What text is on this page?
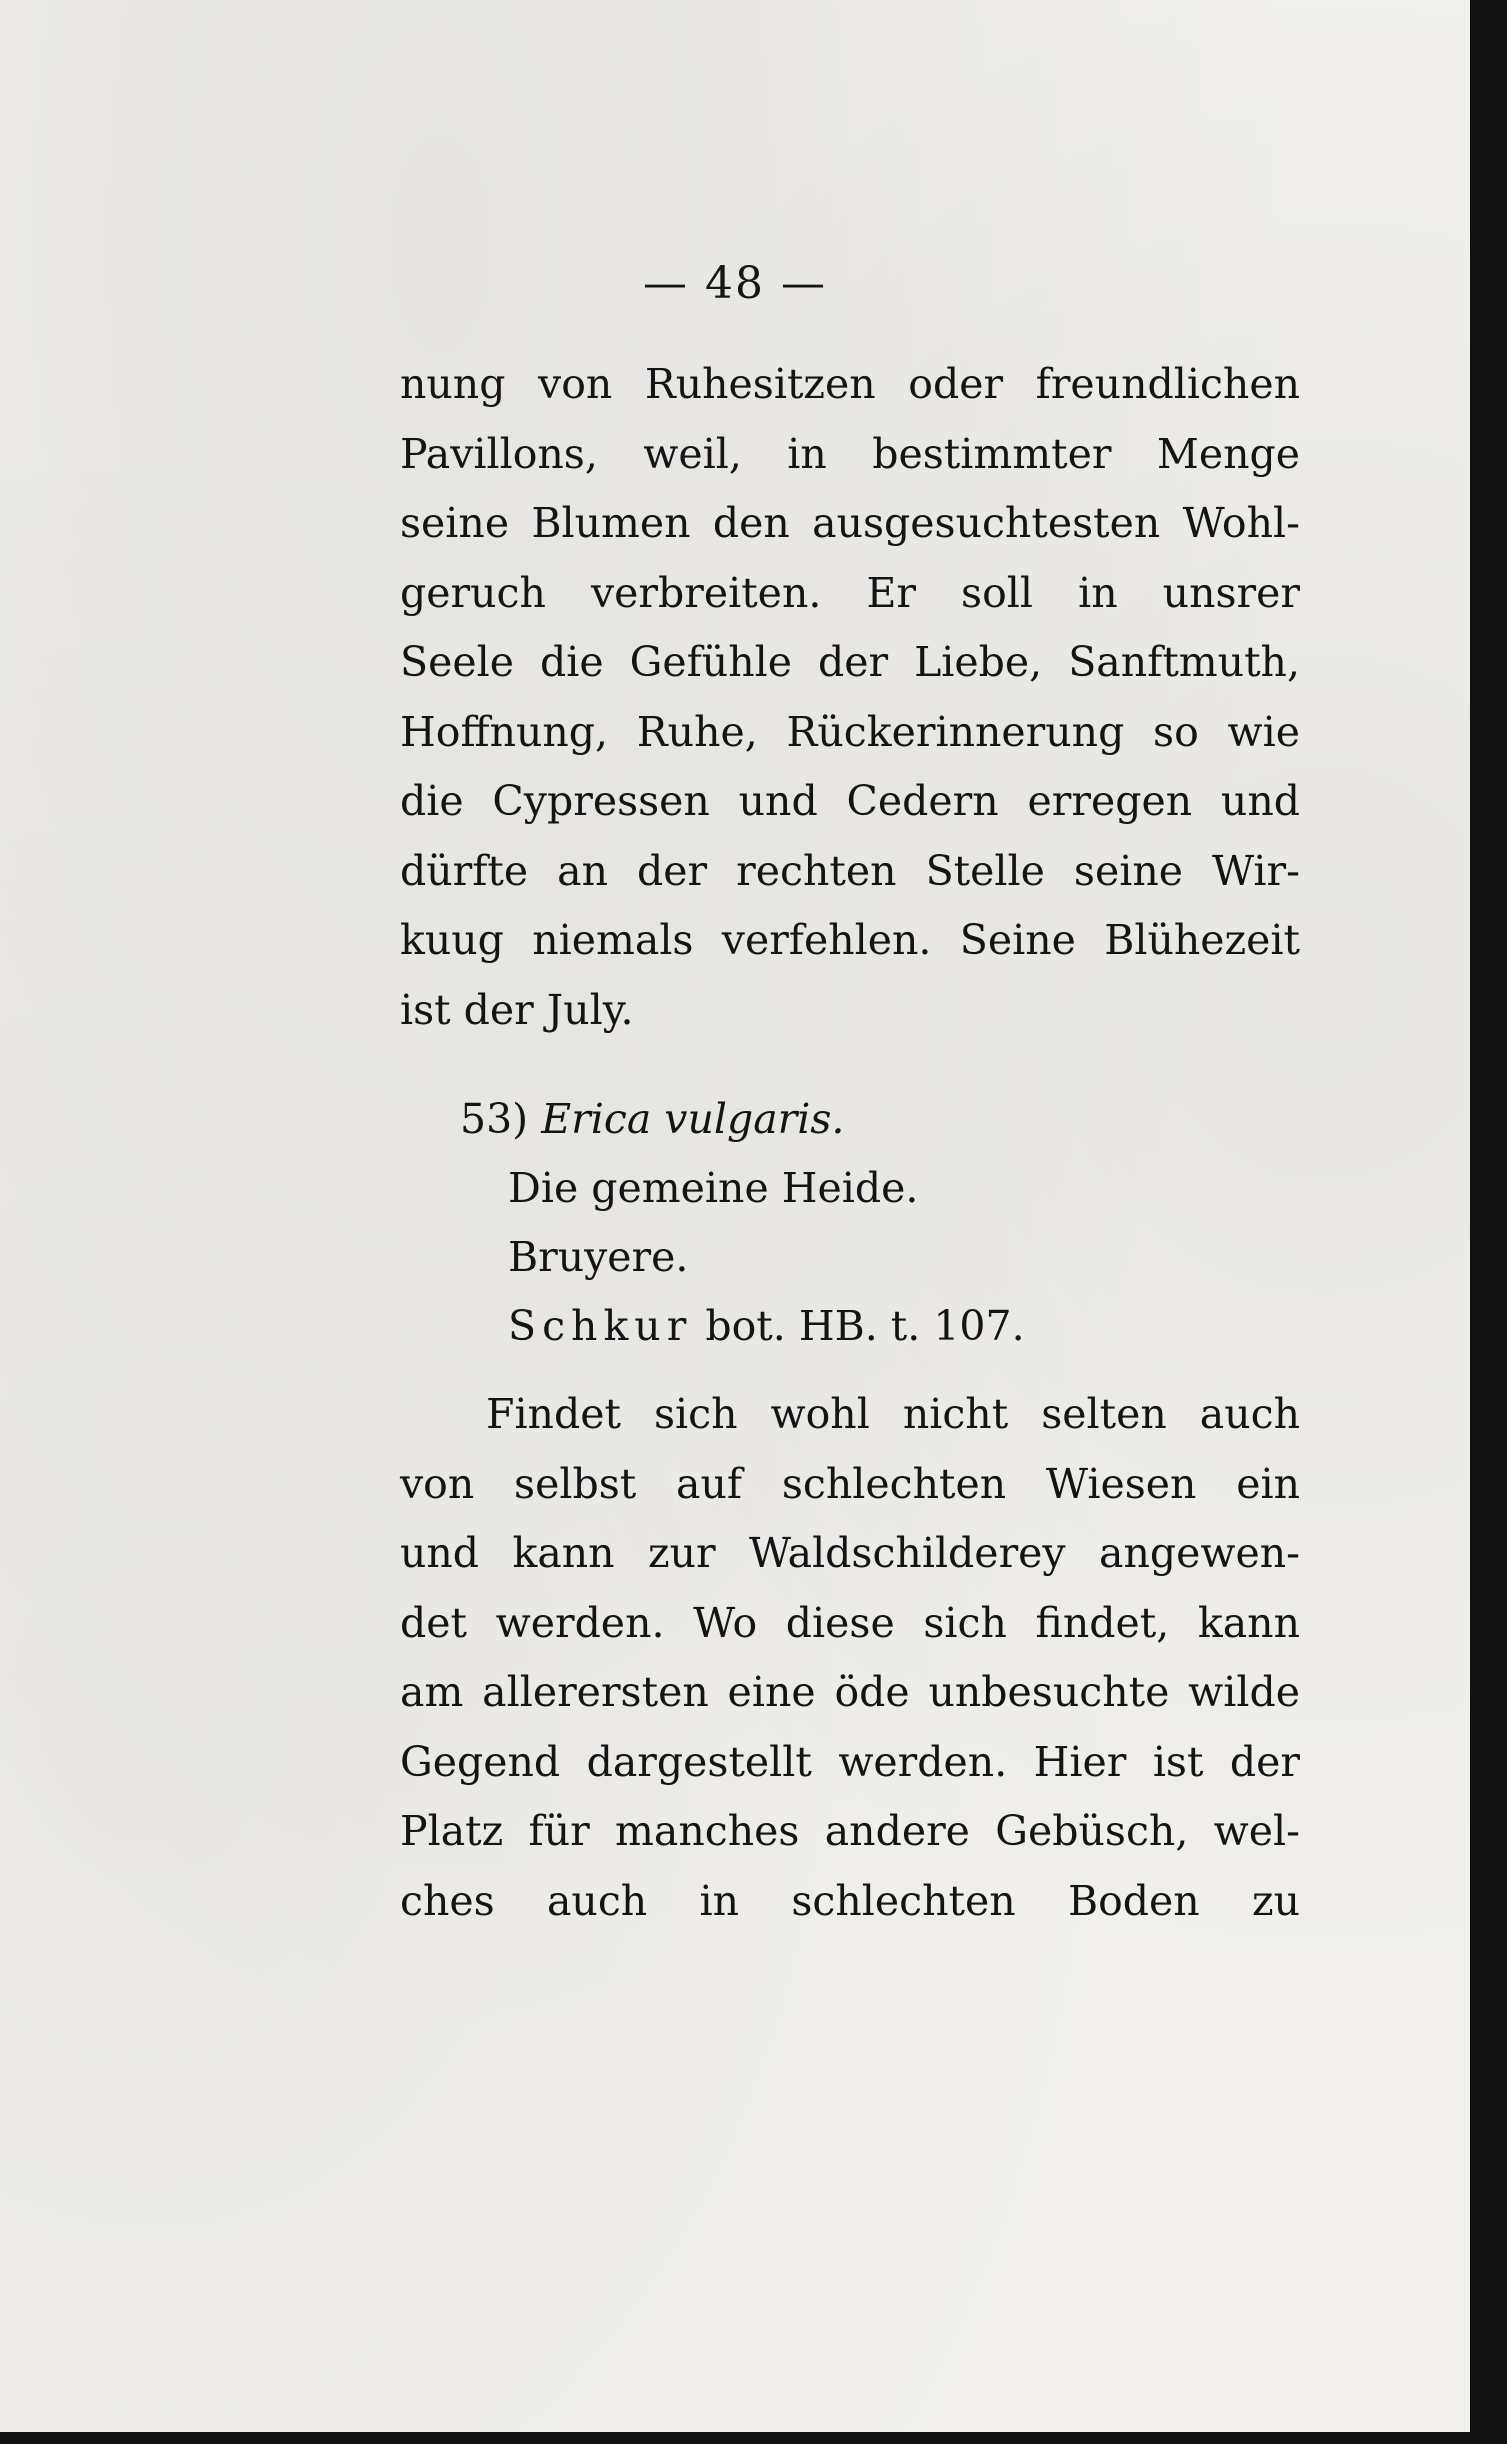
— 48 —
nung von Ruhesitzen oder freundlichen
Pavillons, weil, in bestimmter Menge
seine Blumen den ausgesuchtesten Wohl-
geruch verbreiten. Er soll in unsrer
Seele die Gefühle der Liebe, Sanftmuth,
Hoffnung, Ruhe, Rückerinnerung so wie
die Cypressen und Cedern erregen und
dürfte an der rechten Stelle seine Wir-
kuug niemals verfehlen. Seine Blühezeit
ist der July.
53) Erica vulgaris.
Die gemeine Heide.
Bruyere.
Schkur bot. HB. t. 107.
Findet sich wohl nicht selten auch
von selbst auf schlechten Wiesen ein
und kann zur Waldschilderey angewen-
det werden. Wo diese sich findet, kann
am allerersten eine öde unbesuchte wilde
Gegend dargestellt werden. Hier ist der
Platz für manches andere Gebüsch, wel-
ches auch in schlechten Boden zu
